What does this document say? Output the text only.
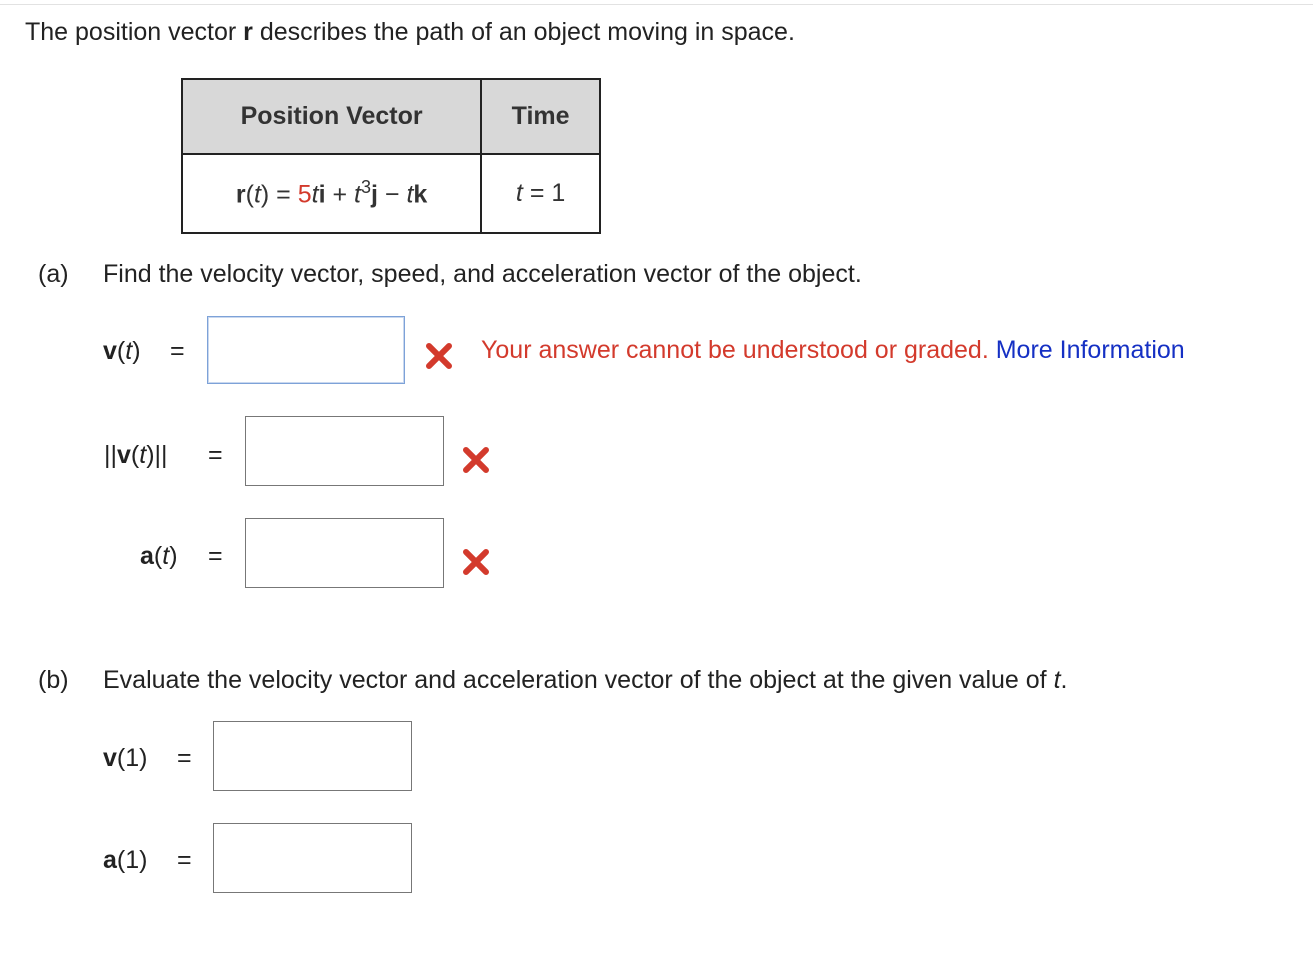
The position vector r describes the path of an object moving in space.
Position Vector	Time
$r(t) = 5ti + t^3j$ − tk	t = 1
(a) Find the velocity vector, speed, and acceleration vector of the object.
v(t) =	Your answer cannot be understood or graded. More Information
||v(t)|| =
a(t) =
(b) Evaluate the velocity vector and acceleration vector of the object at the given value of t.
v(1) =
a(1) =
